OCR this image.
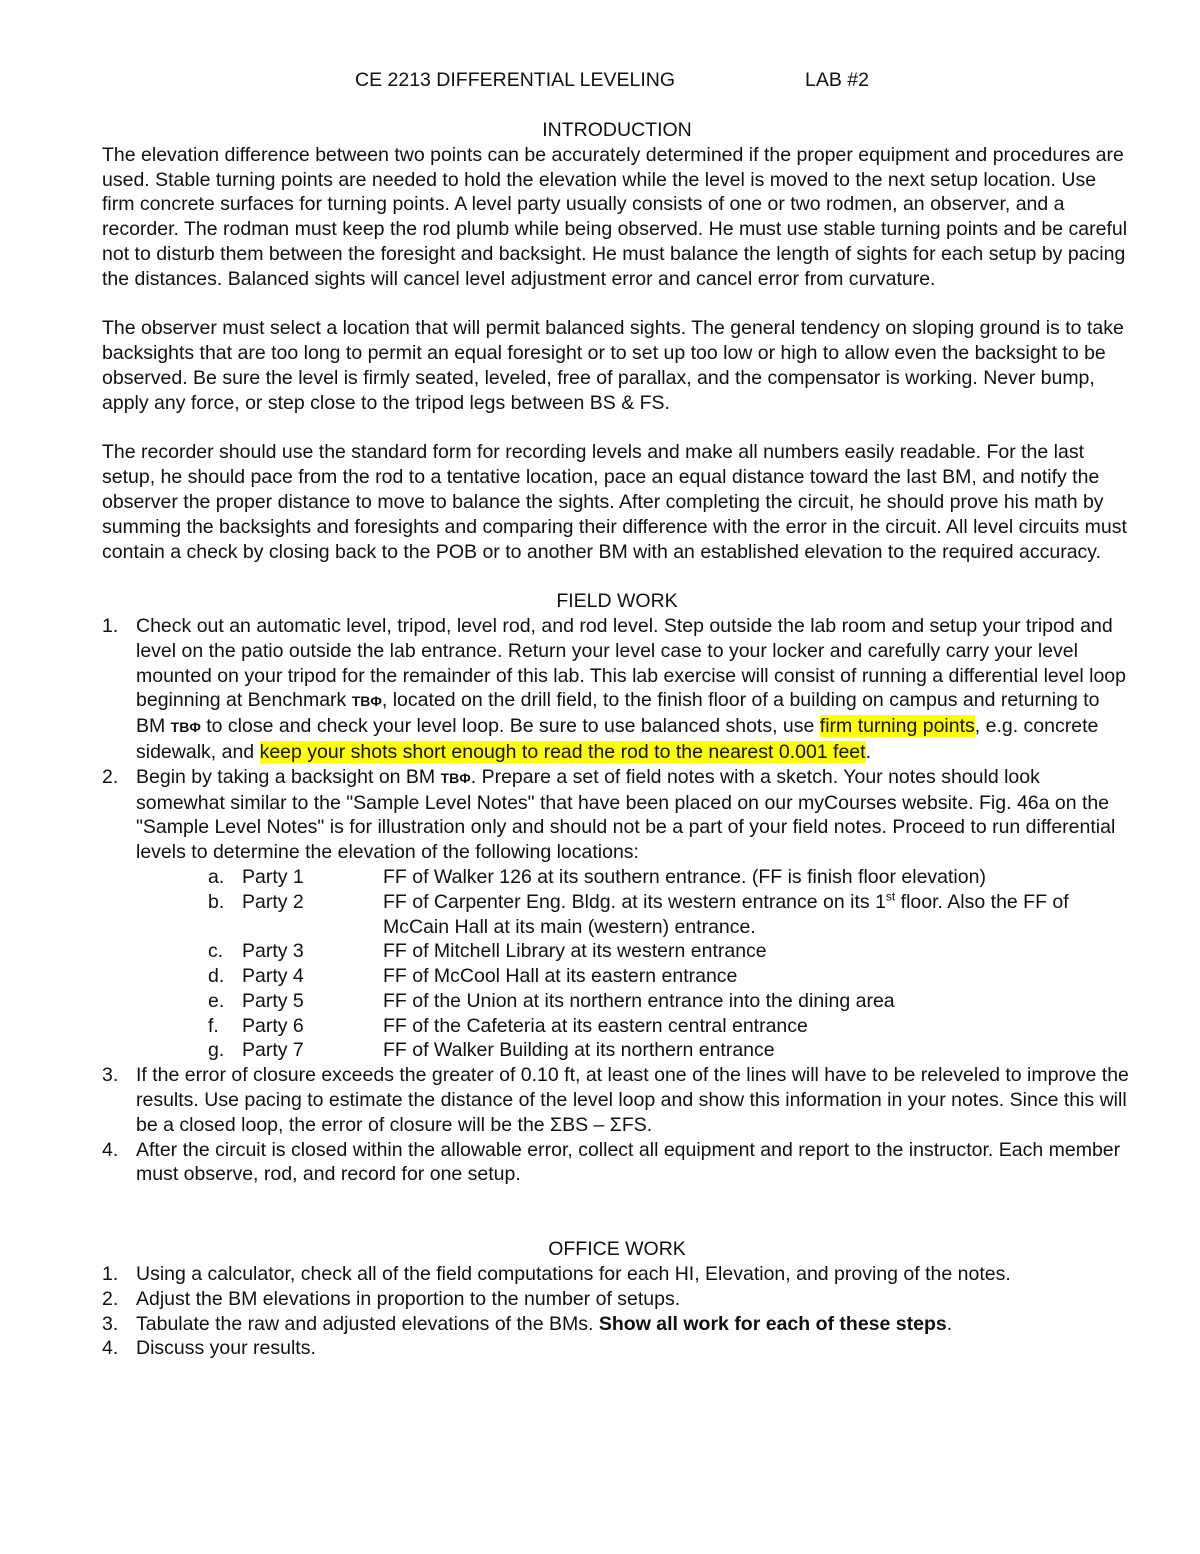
CE 2213 DIFFERENTIAL LEVELING	LAB #2
INTRODUCTION

The elevation difference between two points can be accurately determined if the proper equipment and procedures are used. Stable turning points are needed to hold the elevation while the level is moved to the next setup location. Use firm concrete surfaces for turning points. A level party usually consists of one or two rodmen, an observer, and a recorder. The rodman must keep the rod plumb while being observed. He must use stable turning points and be careful not to disturb them between the foresight and backsight. He must balance the length of sights for each setup by pacing the distances. Balanced sights will cancel level adjustment error and cancel error from curvature.

The observer must select a location that will permit balanced sights. The general tendency on sloping ground is to take backsights that are too long to permit an equal foresight or to set up too low or high to allow even the backsight to be observed. Be sure the level is firmly seated, leveled, free of parallax, and the compensator is working. Never bump, apply any force, or step close to the tripod legs between BS & FS.

The recorder should use the standard form for recording levels and make all numbers easily readable. For the last setup, he should pace from the rod to a tentative location, pace an equal distance toward the last BM, and notify the observer the proper distance to move to balance the sights. After completing the circuit, he should prove his math by summing the backsights and foresights and comparing their difference with the error in the circuit. All level circuits must contain a check by closing back to the POB or to another BM with an established elevation to the required accuracy.

FIELD WORK
1. Check out an automatic level, tripod, level rod, and rod level. Step outside the lab room and setup your tripod and level on the patio outside the lab entrance. Return your level case to your locker and carefully carry your level mounted on your tripod for the remainder of this lab. This lab exercise will consist of running a differential level loop beginning at Benchmark TBΦ, located on the drill field, to the finish floor of a building on campus and returning to BM TBΦ to close and check your level loop. Be sure to use balanced shots, use firm turning points, e.g. concrete sidewalk, and keep your shots short enough to read the rod to the nearest 0.001 feet.
2. Begin by taking a backsight on BM TBΦ. Prepare a set of field notes with a sketch. Your notes should look somewhat similar to the "Sample Level Notes" that have been placed on our myCourses website. Fig. 46a on the "Sample Level Notes" is for illustration only and should not be a part of your field notes. Proceed to run differential levels to determine the elevation of the following locations:
a. Party 1	FF of Walker 126 at its southern entrance. (FF is finish floor elevation)
b. Party 2	FF of Carpenter Eng. Bldg. at its western entrance on its 1st floor. Also the FF of McCain Hall at its main (western) entrance.
c. Party 3	FF of Mitchell Library at its western entrance
d. Party 4	FF of McCool Hall at its eastern entrance
e. Party 5	FF of the Union at its northern entrance into the dining area
f. Party 6	FF of the Cafeteria at its eastern central entrance
g. Party 7	FF of Walker Building at its northern entrance
3. If the error of closure exceeds the greater of 0.10 ft, at least one of the lines will have to be releveled to improve the results. Use pacing to estimate the distance of the level loop and show this information in your notes. Since this will be a closed loop, the error of closure will be the ΣBS – ΣFS.
4. After the circuit is closed within the allowable error, collect all equipment and report to the instructor. Each member must observe, rod, and record for one setup.
OFFICE WORK
1. Using a calculator, check all of the field computations for each HI, Elevation, and proving of the notes.
2. Adjust the BM elevations in proportion to the number of setups.
3. Tabulate the raw and adjusted elevations of the BMs. Show all work for each of these steps.
4. Discuss your results.
